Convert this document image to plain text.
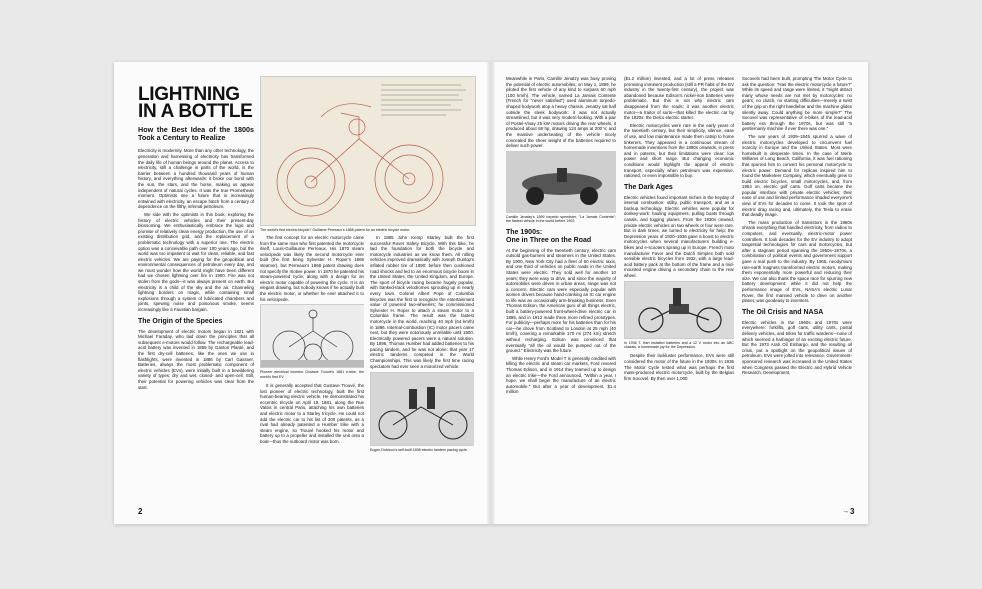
LIGHTNING
IN A BOTTLE
How the Best Idea of the 1800s Took a Century to Realize

Electricity is modernity. More than any other technology, the generation and harnessing of electricity has transformed the daily life of human beings around the planet. Access to electricity, still a challenge in parts of the world, is the barrier between a hundred thousand years of human history, and everything afterwards: it broke our bond with the sun, the stars, and the horse, making us appear independent of natural cycles. It was the true Promethean moment. Optimists see a future that is increasingly entwined with electricity, an escape hatch from a century of dependence on the filthy, infernal petroleum.

We side with the optimists in this book, exploring the history of electric vehicles and their present-day blossoming. We enthusiastically embrace the logic and promise of relatively clean energy production, the use of an existing distribution grid, and the replacement of a problematic technology with a superior one. The electric option was a conceivable path over 100 years ago, but the world was too impatient to wait for clean, reliable, and fast electric vehicles. We are paying for the geopolitical and environmental consequences of petroleum every day, and we must wonder how the world might have been different had we chosen lightning over fire in 1900. Fire was not stolen from the gods—it was always present on earth. But electricity is a child of the sky and the air. Channeling lightning borders on magic, while containing small explosions through a system of lubricated chambers and joints, spewing noise and poisonous smoke, seems increasingly like a Faustian bargain.

The Origin of the Species

The development of electric motors began in 1821 with Michael Faraday, who laid down the principles that all subsequent e-motors would follow. The rechargeable lead-acid battery was invented in 1859 by Gaston Planté, and the first dry-cell batteries, like the ones we use in flashlights, were invented in 1886 by Carl Gassner. Batteries, always the most problematic component of electric vehicles (EVs), were initially built in a bewildering variety of types: dry and wet, closed- and open-cell. Still, their potential for powering vehicles was clear from the start.

The world's first electric bicycle? Guillame Perreaux's 1868 patent for an electric bicycle motor.

The first concept for an electric motorcycle came from the same man who first patented the motorcycle itself, Louis-Guillaume Perreaux. His 1870 steam velocipede was likely the second motorcycle ever built (the first being Sylvester H. Roper's 1869 steamer), but Perreaux's 1868 patent drawing does not specify the motive power. In 1870 he patented his steam-powered cycle, along with a design for an electric motor capable of powering the cycle. It is an elegant drawing, but nobody knows if he actually built the electric motor, or whether he ever attached it to his velocipede.

Pioneer electrical inventor Gustave Trouvé's 1881 e-trike, the world's first EV.

It is generally accepted that Gustave Trouvé, the lost pioneer of electric technology, built the first human-bearing electric vehicle. He demonstrated his eccentric tricycle on April 19, 1881, along the Rue Valois in central Paris, attaching his own batteries and electric motor to a Starley tricycle. He could not add the electric car to his list of 300 patents, as a rival had already patented a Humber trike with a steam engine, so Trouvé hooked his motor and battery up to a propeller and installed the unit onto a boat—thus the outboard motor was born.

In 1885 John Kemp Starley built the first successful Rover Safety Bicycle. With this bike, he laid the foundation for both the bicycle and motorcycle industries as we know them. All rolling vehicles improved dramatically with Joseph Dunlop's inflated rubber tire of 1890: before then cushioned road shocks and led to an enormous bicycle boom in the United States, the United Kingdom, and Europe. The sport of bicycle racing became hugely popular, with banked-track velodromes sprouting up in nearly every town. Colonel Albert Pope of Columbia Bicycles was the first to recognize the entertainment value of powered two-wheelers; he commissioned Sylvester H. Roper to attach a steam motor to a Columbia frame. The result was the fastest motorcycle in the world, reaching 40 mph (64 km/h) in 1896. Internal-combustion (IC) motor pacers came next, but they were notoriously unreliable until 1900. Electrically powered pacers were a natural solution. By 1896, Thomas Humber had added batteries to his pacing tandem, and he was not alone: that year 17 electric tandems competed in the World Championships. This was likely the first time racing spectators had ever seen a motorized vehicle.

Eugen Dutrieux's self-built 1898 electric tandem pacing cycle.
2

Meanwhile in Paris, Camille Jenatzy was busy proving the potential of electric automobiles; on May 1, 1899, he piloted the first vehicle of any kind to surpass 60 mph (100 km/h). The vehicle, named La Jamais Contente (French for "never satisfied") used aluminum torpedo-shaped bodywork atop a heavy chassis. Jenatzy sat half outside the sleek bodywork: it was not actually streamlined, but it was very modern-looking. With a pair of Postel-Vinay 25 kW motors driving the rear wheels, it produced about 68 hp, drawing 124 amps at 200 V, and the massive underseating of the vehicle nicely concealed the sheer weight of the batteries required to deliver such power.

Camille Jenatzy's 1899 torpedo speedster, "La Jamais Contente"; the fastest vehicle in the world before 1902.
The 1900s:
One in Three on the Road

At the beginning of the twentieth century, electric cars outsold gas-burners and steamers in the United States. By 1900, New York City had a fleet of 60 electric taxis, and one third of vehicles on public roads in the United States were electric. They sold well for another 10 years; they were easy to drive, and since the majority of automobiles were driven in urban areas, range was not a concern. Electric cars were especially popular with women drivers because hand-cranking an IC car engine to life was an occasionally arm-breaking business. Even Thomas Edison, the American guru of all things electric, built a battery-powered front-wheel-drive electric car in 1895, and in 1912 made three more refined prototypes. For publicity—perhaps more for his batteries than for his car—he drove from Scotland to London at 25 mph (40 km/h), covering a remarkable 170 mi (274 km) stretch without recharging. Edison was convinced that eventually "all the oil would be pumped out of the ground." Electricity was the future.

While Henry Ford's Model T is generally credited with killing the electric and steam car markets, Ford revered Thomas Edison, and in 1914 they teamed up to design an electric trike—the Ford announced, "Within a year, I hope, we shall begin the manufacture of an electric automobile." But after a year of development, $1.4 million

($1.2 million) invested, and a lot of press releases promising imminent production (still a PR habit of the EV industry in the twenty-first century), the project was abandoned because Edison's nickel-iron batteries were problematic. But this is not why electric cars disappeared from the roads; it was another electric motor—a traitor of sorts—that killed the electric car by the 1920s: the Delco electric starter.

Electric motorcycles were rare in the early years of the twentieth century, but their simplicity, silence, ease of use, and low maintenance made them catnip to home tinkerers. They appeared in a continuous stream of homemade inventions from the 1890s onwards, in press and in patents, but their limitations were clear: low power and short range. But changing economic conditions would highlight the appeal of electric transport, especially when petroleum was expensive, rationed, or even impossible to buy.

The Dark Ages

Electric vehicles found important niches in the heyday of internal combustion: utility, public transport, and as a backup technology. Electric vehicles were popular for donkey-work: hauling equipment, pulling boats through canals, and tugging planes. From the 1930s onward, private electric vehicles on two wheels or four were rare. But in dark times, we turned to electricity for help; the Depression years of 1930–1936 gave a boost to electric motorcycles when several manufacturers building e-bikes and e-scooters sprang up in Europe. French moto manufacturer Favor and the Dutch Simplex both sold sensible electric bicycles from 1932, with a large lead-acid battery pack at the bottom of the frame and a mid-mounted engine driving a secondary chain to the rear wheel.

In 1936 T. Hart installed batteries and a 12 V motor into an ABC chassis, a homemade joy for the Depression.

Despite their lackluster performance, EVs were still considered the motor of the future in the 1930s. In 1936 The Motor Cycle tested what was perhaps the first mass-produced electric motorcycle, built by the Belgian firm Socovel. By then over 1,000

Socovels had been built, prompting The Motor Cycle to ask the question: "Has the electric motorcycle a future?" While its speed and range were limited, it "might attract many whose needs are not met by motorcycles: no gears, no clutch, no starting difficulties—merely a twist of the grip on the right handlebar and the machine glides silently away. Could anything be more simple?" The Socovel was representative of e-bikes of the lead-acid battery era through the 1970s, but was still "a gentlemanly machine if ever there was one."

The war years of 1939–1945 spurred a wave of electric motorcycles developed to circumvent fuel scarcity in Europe and the United States. Most were homebuilt in desperate times. In the case of Merle Williams of Long Beach, California, it was fuel rationing that spurred him to convert his personal motorcycle to electric power. Demand for replicas inspired him to found the Marketeer Company, which eventually grew to build electric bicycles, small motorcycles, and, from 1954 on, electric golf carts. Golf carts became the popular interface with private electric vehicles; their ease of use and limited performance shaded everyone's view of EVs for decades to come. It took the sport of electric drag racing and, ultimately, the Tesla to erase that deadly image.

The mass production of transistors in the 1960s shrank everything that handled electricity, from radios to computers, and eventually, electric-motor power controllers. It took decades for the EV industry to adopt tangential technologies for cars and motorcycles, but after a stagnant period spanning the 1950s–1970s, a combination of political events and government support gave a real push to the industry. By 1965, neodymium rare-earth magnets transformed electric motors, making them exponentially more powerful and reducing their size. We can also thank the space race for spurring new battery development: while it did not help the performance image of EVs, NASA's electric Lunar Rover, the first manned vehicle to drive on another planet, was goodeasy to inventers.

The Oil Crisis and NASA

Electric vehicles in the 1960s and 1970s were everywhere: forklifts, golf carts, utility carts, postal delivery vehicles, and trikes for traffic wardens—none of which seemed a harbinger of an exciting electric future. But the 1973 Arab Oil Embargo, and the resulting oil crisis, put a spotlight on the geopolitical issues of petroleum. EVs were jolted into relevance. Government-sponsored research was increased in the United States when Congress passed the Electric and Hybrid Vehicle Research, Development,

→ 3
